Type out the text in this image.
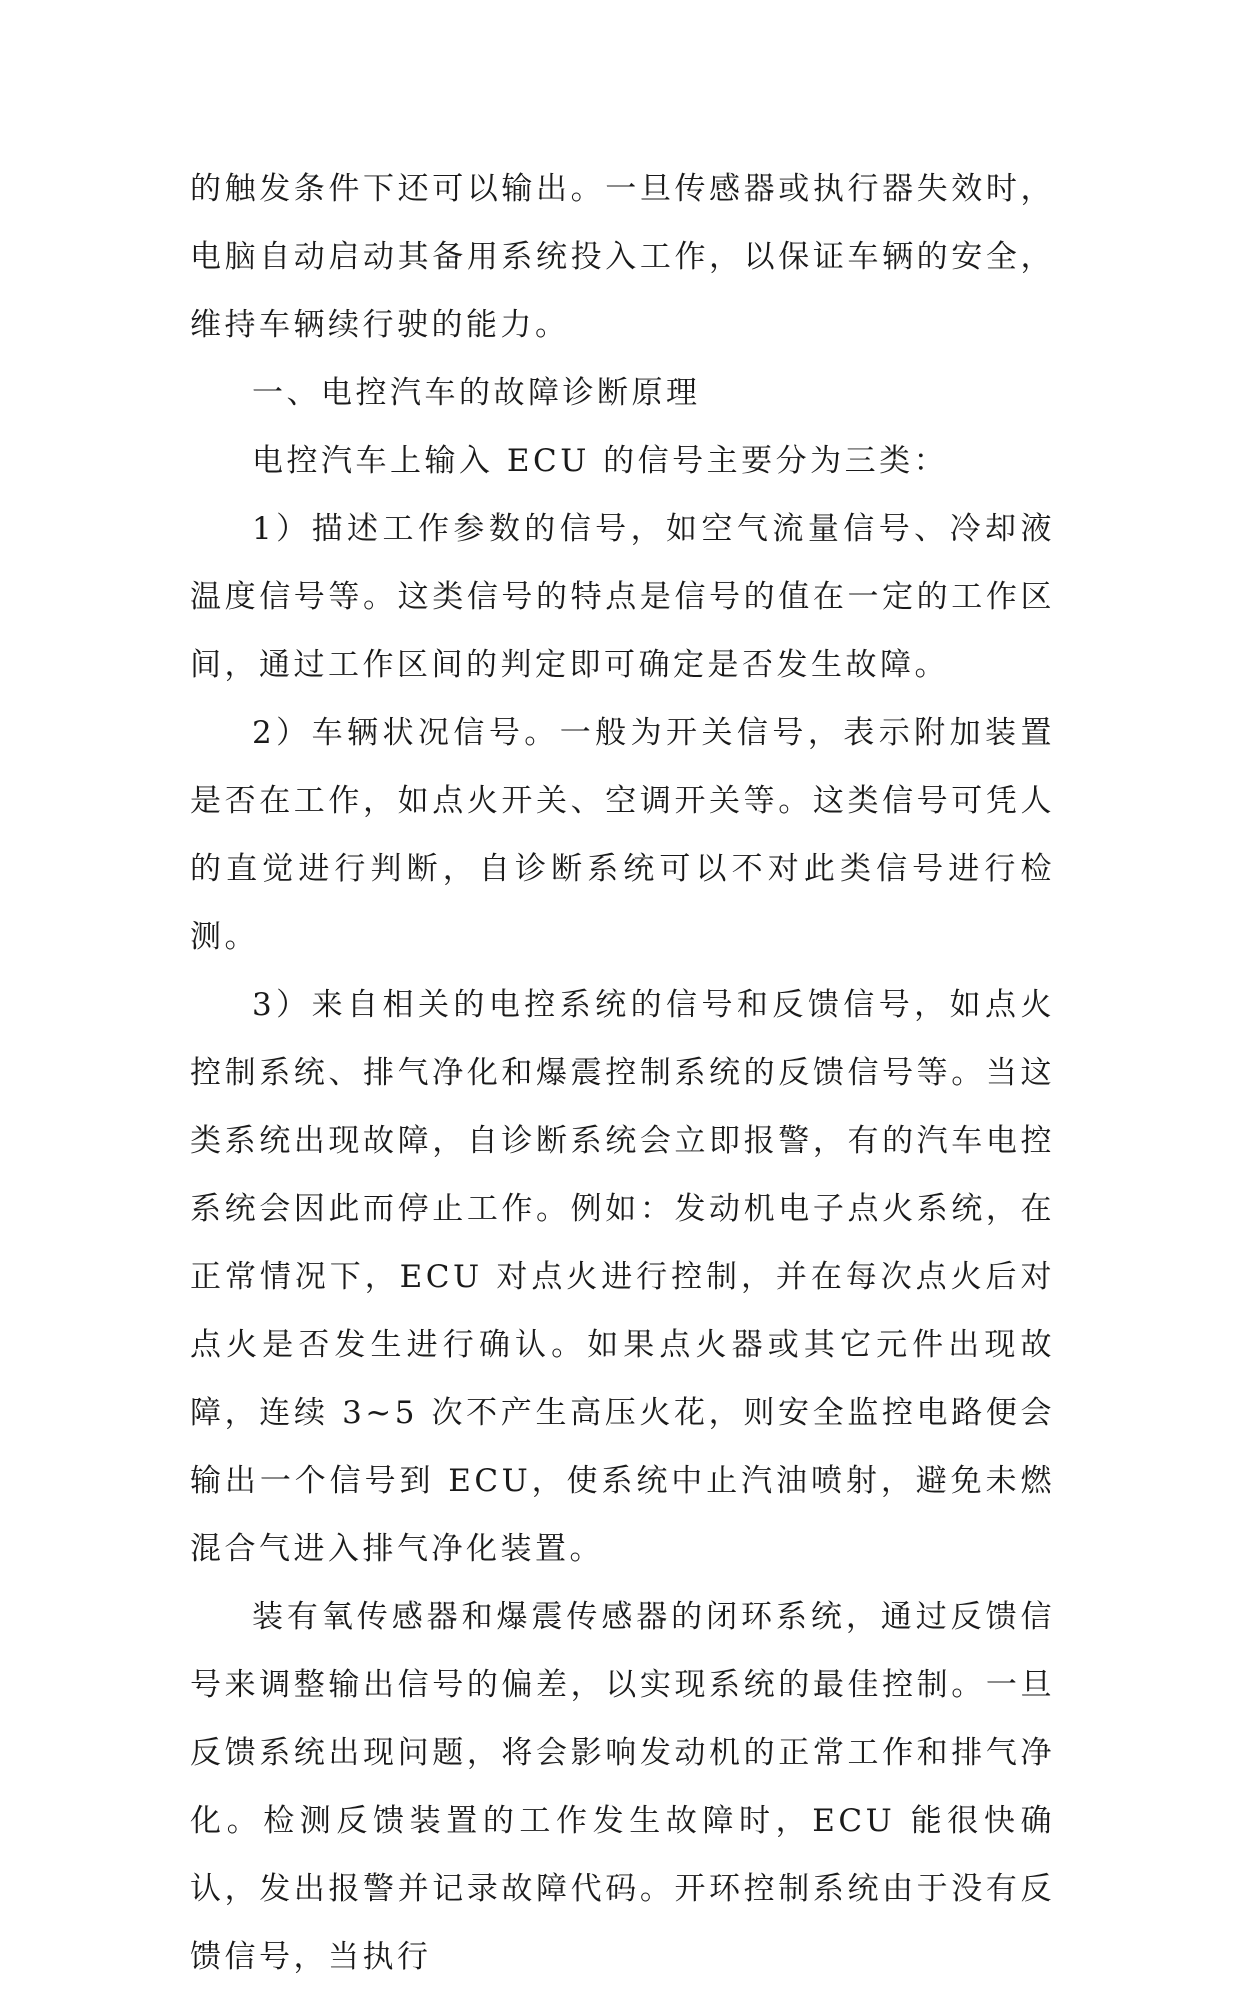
的触发条件下还可以输出。一旦传感器或执行器失效时，电脑自动启动其备用系统投入工作，以保证车辆的安全，维持车辆续行驶的能力。

一、电控汽车的故障诊断原理

电控汽车上输入 ECU 的信号主要分为三类：

1）描述工作参数的信号，如空气流量信号、冷却液温度信号等。这类信号的特点是信号的值在一定的工作区间，通过工作区间的判定即可确定是否发生故障。

2）车辆状况信号。一般为开关信号，表示附加装置是否在工作，如点火开关、空调开关等。这类信号可凭人的直觉进行判断，自诊断系统可以不对此类信号进行检测。

3）来自相关的电控系统的信号和反馈信号，如点火控制系统、排气净化和爆震控制系统的反馈信号等。当这类系统出现故障，自诊断系统会立即报警，有的汽车电控系统会因此而停止工作。例如：发动机电子点火系统，在正常情况下，ECU 对点火进行控制，并在每次点火后对点火是否发生进行确认。如果点火器或其它元件出现故障，连续 3~5 次不产生高压火花，则安全监控电路便会输出一个信号到 ECU，使系统中止汽油喷射，避免未燃混合气进入排气净化装置。

装有氧传感器和爆震传感器的闭环系统，通过反馈信号来调整输出信号的偏差，以实现系统的最佳控制。一旦反馈系统出现问题，将会影响发动机的正常工作和排气净化。检测反馈装置的工作发生故障时，ECU 能很快确认，发出报警并记录故障代码。开环控制系统由于没有反馈信号，当执行
